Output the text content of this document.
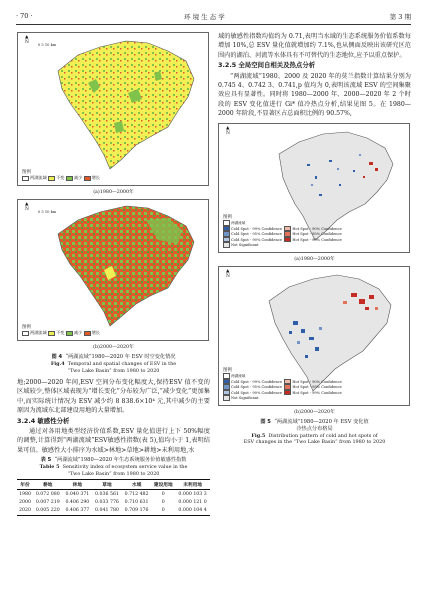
· 70 ·	环 境 生 态 学	第 3 期
▲
N	0 5 10 km
图例
两湖流域 不变 减少 增长
(a)1980—2000年
▲
N	0 5 10 km
图例
两湖流域 不变 减少 增长
(b)2000—2020年
图 4 “两湖流域”1980—2020 年 ESV 时空变化情况
Fig.4 Temporal and spatial changes of ESV in the
“Two Lake Basin” from 1980 to 2020

地;2000—2020 年间,ESV 空间分布变化幅度大,保持ESV 值不变的区域较少,整体区域表现为“增长变化”分布较为广泛,“减少变化”更加集中,而实际统计情况为 ESV 减少约 8 838.6×10⁴ 元,其中减少的主要原因为流域东北部建设用地的大量增加。

3.2.4 敏感性分析

通过对各用地类型经济价值系数,ESV 量化值进行上下 50%幅度的调整,计算得到“两湖流域”ESV敏感性指数(表 5),值均小于 1,表明结果可信。敏感性大小排序为水域>林地>草地>耕地>未利用地,水

表 5 “两湖流域”1980—2020 年生态系统服务价值敏感性指数
Table 5 Sensitivity index of ecosystem service value in the
“Two Lake Basin” from 1980 to 2020
年份	耕地	林地	草地	水域	建设用地	未利用地
1980	0.072 080	0.040 371	0.036 561	0.712 482	0	0.000 103 3
2000	0.007 219	0.406 290	0.033 776	0.710 631	0	0.000 121 0
2020	0.005 220	0.406 377	0.041 780	0.709 176	0	0.000 104 4

域的敏感性指数均值约为 0.71,表明当水域的生态系统服务价值系数每增加 10%,总 ESV 量化值就增加约 7.1%,也从侧面反映出该研究区范围内的湖泊、河流等水体具有不可替代的生态地位,应予以重点保护。

3.2.5 全局空间自相关及热点分析

“两湖流域”1980、2000 及 2020 年的莫兰指数计算结果分别为 0.745 4、0.742 3、0.741,p 值均为 0,表明该流域 ESV 的空间集聚效应具有显著性。同时将 1980—2000 年、2000—2020 年 2 个时段的 ESV 变化值进行 Gi* 值冷热点分析,结果见图 5。在 1980—2000 年阶段,不显著区占总面积比例的 90.57%,

▲
N
图例
两湖流域
Cold Spot - 99% Confidence	Hot Spot - 90% Confidence
Cold Spot - 95% Confidence	Hot Spot - 95% Confidence
Cold Spot - 90% Confidence	Hot Spot - 99% Confidence
Not Significant
(a)1980—2000年
▲
N
图例
两湖流域
Cold Spot - 99% Confidence	Hot Spot - 90% Confidence
Cold Spot - 95% Confidence	Hot Spot - 95% Confidence
Cold Spot - 90% Confidence	Hot Spot - 99% Confidence
Not Significant
(b)2000—2020年
图 5 “两湖流域”1980—2020 年 ESV 变化值
冷热点分布格局
Fig.5 Distribution pattern of cold and hot spots of
ESV changes in the “Two Lake Basin” from 1980 to 2020
